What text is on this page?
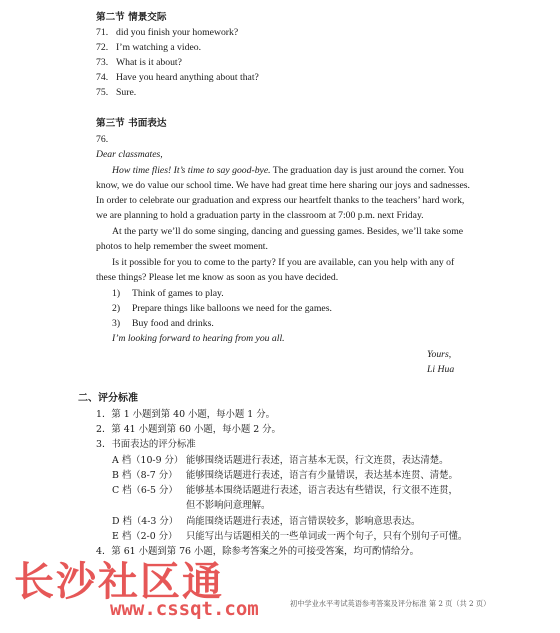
第二节 情景交际
71. did you finish your homework?
72. I’m watching a video.
73. What is it about?
74. Have you heard anything about that?
75. Sure.
第三节 书面表达
76.
Dear classmates,
How time flies! It’s time to say good-bye. The graduation day is just around the corner. You
know, we do value our school time. We have had great time here sharing our joys and sadnesses.
In order to celebrate our graduation and express our heartfelt thanks to the teachers’ hard work,
we are planning to hold a graduation party in the classroom at 7:00 p.m. next Friday.
At the party we’ll do some singing, dancing and guessing games. Besides, we’ll take some
photos to help remember the sweet moment.
Is it possible for you to come to the party? If you are available, can you help with any of
these things? Please let me know as soon as you have decided.
1) Think of games to play.
2) Prepare things like balloons we need for the games.
3) Buy food and drinks.
I’m looking forward to hearing from you all.
Yours,
Li Hua
二、评分标准
1．第 1 小题到第 40 小题，每小题 1 分。
2．第 41 小题到第 60 小题，每小题 2 分。
3．书面表达的评分标准
A 档（10-9 分） 能够围绕话题进行表述，语言基本无误，行文连贯，表达清楚。
B 档（8-7 分） 能够围绕话题进行表述，语言有少量错误，表达基本连贯、清楚。
C 档（6-5 分） 能够基本围绕话题进行表述，语言表达有些错误，行文很不连贯，
但不影响问意理解。
D 档（4-3 分） 尚能围绕话题进行表述，语言错误较多，影响意思表达。
E 档（2-0 分） 只能写出与话题相关的一些单词或一两个句子，只有个别句子可懂。
4．第 61 小题到第 76 小题，除参考答案之外的可接受答案，均可酌情给分。
初中学业水平考试英语参考答案及评分标准 第 2 页（共 2 页）
长沙社区通
www.cssqt.com
